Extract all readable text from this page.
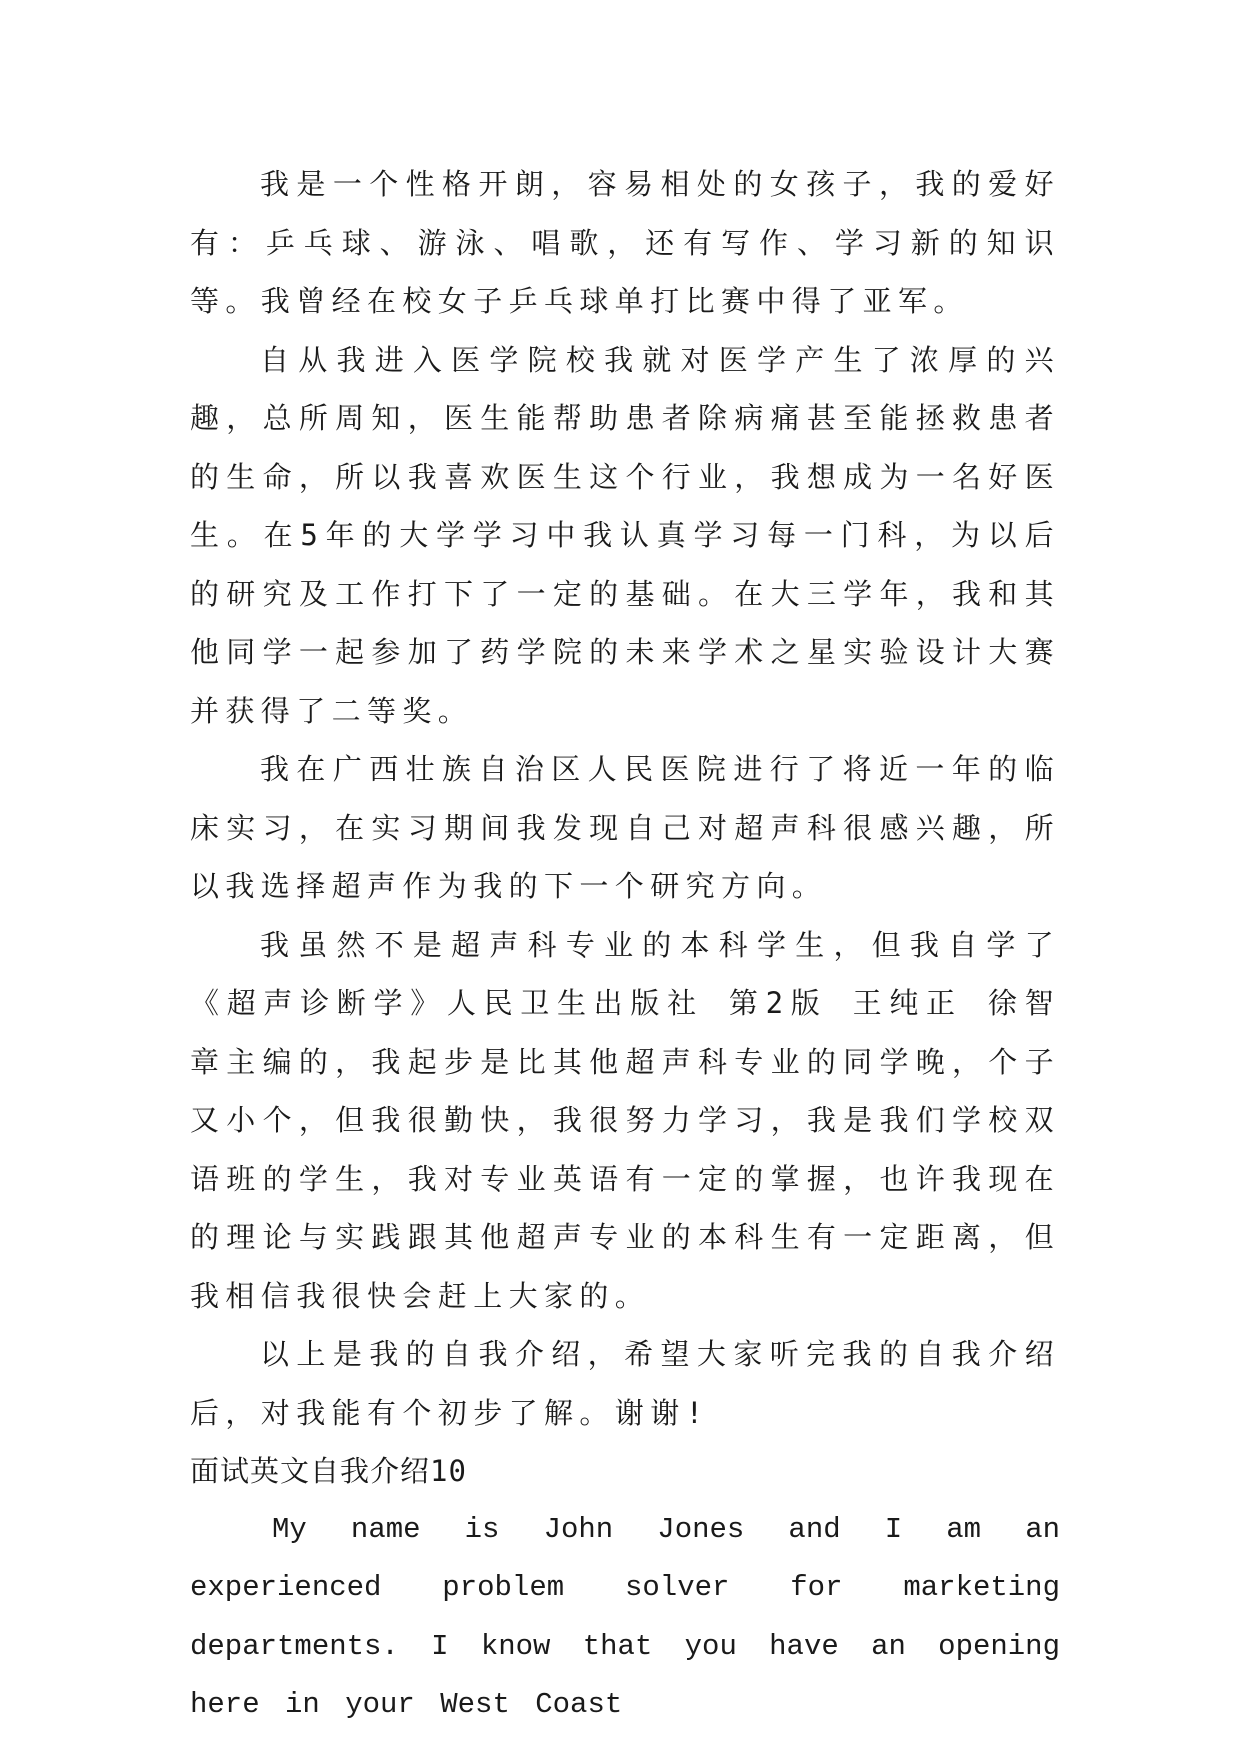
我是一个性格开朗，容易相处的女孩子，我的爱好有：乒乓球、游泳、唱歌，还有写作、学习新的知识等。我曾经在校女子乒乓球单打比赛中得了亚军。

自从我进入医学院校我就对医学产生了浓厚的兴趣，总所周知，医生能帮助患者除病痛甚至能拯救患者的生命，所以我喜欢医生这个行业，我想成为一名好医生。在5年的大学学习中我认真学习每一门科，为以后的研究及工作打下了一定的基础。在大三学年，我和其他同学一起参加了药学院的未来学术之星实验设计大赛并获得了二等奖。

我在广西壮族自治区人民医院进行了将近一年的临床实习，在实习期间我发现自己对超声科很感兴趣，所以我选择超声作为我的下一个研究方向。

我虽然不是超声科专业的本科学生，但我自学了《超声诊断学》人民卫生出版社 第2版 王纯正 徐智章主编的，我起步是比其他超声科专业的同学晚，个子又小个，但我很勤快，我很努力学习，我是我们学校双语班的学生，我对专业英语有一定的掌握，也许我现在的理论与实践跟其他超声专业的本科生有一定距离，但我相信我很快会赶上大家的。

以上是我的自我介绍，希望大家听完我的自我介绍后，对我能有个初步了解。谢谢!

面试英文自我介绍10

My name is John Jones and I am an experienced problem solver for marketing departments. I know that you have an opening here in your West Coast
